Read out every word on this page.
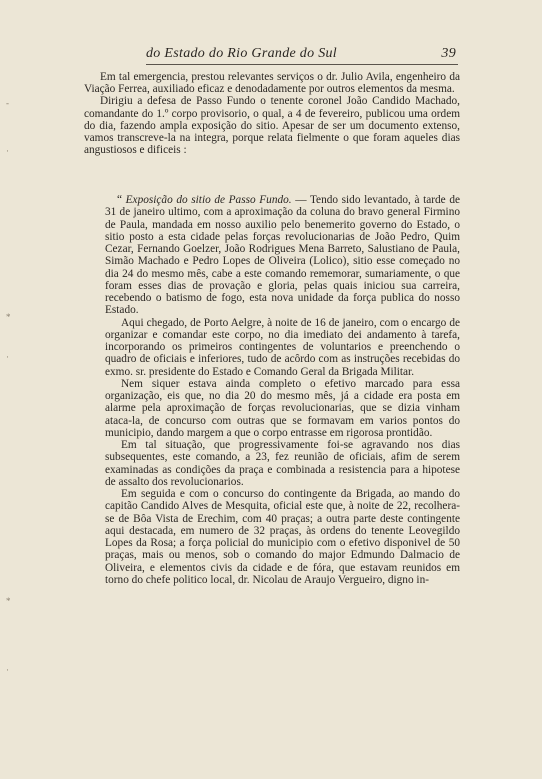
do Estado do Rio Grande do Sul	39
-
·
*
·
*
·

Em tal emergencia, prestou relevantes serviços o dr. Julio Avila, engenheiro da Viação Ferrea, auxiliado eficaz e denodadamente por outros elementos da mesma.

Dirigiu a defesa de Passo Fundo o tenente coronel João Candido Machado, comandante do 1.º corpo provisorio, o qual, a 4 de fevereiro, publicou uma ordem do dia, fazendo ampla exposição do sitio. Apesar de ser um documento extenso, vamos transcreve-la na integra, porque relata fielmente o que foram aqueles dias angustiosos e dificeis :

“ Exposição do sitio de Passo Fundo. — Tendo sido levantado, à tarde de 31 de janeiro ultimo, com a aproximação da coluna do bravo general Firmino de Paula, mandada em nosso auxilio pelo benemerito governo do Estado, o sitio posto a esta cidade pelas forças revolucionarias de João Pedro, Quim Cezar, Fernando Goelzer, João Rodrigues Mena Barreto, Salustiano de Paula, Simão Machado e Pedro Lopes de Oliveira (Lolico), sitio esse começado no dia 24 do mesmo mês, cabe a este comando rememorar, sumariamente, o que foram esses dias de provação e gloria, pelas quais iniciou sua carreira, recebendo o batismo de fogo, esta nova unidade da força publica do nosso Estado.

Aqui chegado, de Porto Aelgre, à noite de 16 de janeiro, com o encargo de organizar e comandar este corpo, no dia imediato dei andamento à tarefa, incorporando os primeiros contingentes de voluntarios e preenchendo o quadro de oficiais e inferiores, tudo de acôrdo com as instruções recebidas do exmo. sr. presidente do Estado e Comando Geral da Brigada Militar.

Nem siquer estava ainda completo o efetivo marcado para essa organização, eis que, no dia 20 do mesmo mês, já a cidade era posta em alarme pela aproximação de forças revolucionarias, que se dizia vinham ataca-la, de concurso com outras que se formavam em varios pontos do municipio, dando margem a que o corpo entrasse em rigorosa prontidão.

Em tal situação, que progressivamente foi-se agravando nos dias subsequentes, este comando, a 23, fez reunião de oficiais, afim de serem examinadas as condições da praça e combinada a resistencia para a hipotese de assalto dos revolucionarios.

Em seguida e com o concurso do contingente da Brigada, ao mando do capitão Candido Alves de Mesquita, oficial este que, à noite de 22, recolhera-se de Bôa Vista de Erechim, com 40 praças; a outra parte deste contingente aqui destacada, em numero de 32 praças, às ordens do tenente Leovegildo Lopes da Rosa; a força policial do municipio com o efetivo disponivel de 50 praças, mais ou menos, sob o comando do major Edmundo Dalmacio de Oliveira, e elementos civis da cidade e de fóra, que estavam reunidos em torno do chefe politico local, dr. Nicolau de Araujo Vergueiro, digno in-
